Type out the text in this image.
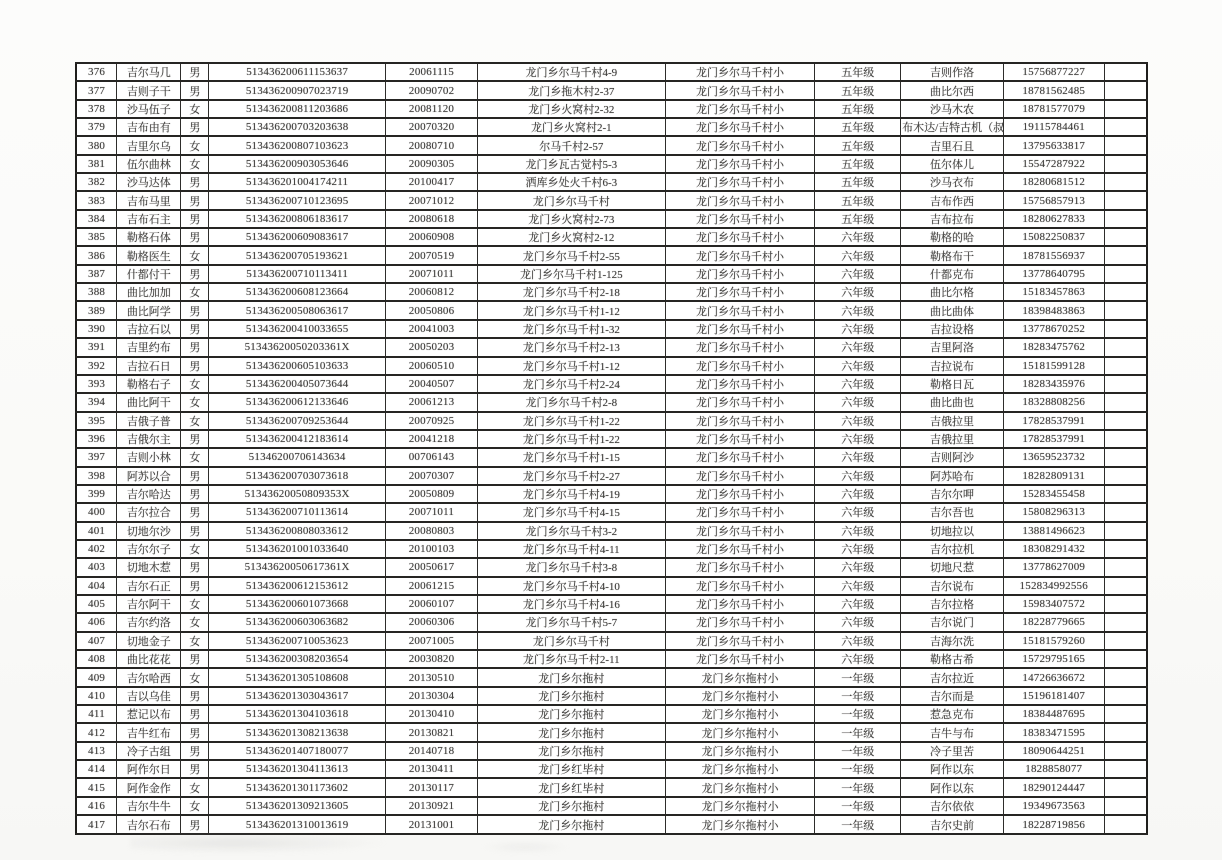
376	吉尔马几	男	513436200611153637	20061115	龙门乡尔马千村4-9	龙门乡尔马千村小	五年级	吉则作洛	15756877227	
377	吉则子干	男	513436200907023719	20090702	龙门乡拖木村2-37	龙门乡尔马千村小	五年级	曲比尔西	18781562485	
378	沙马伍子	女	513436200811203686	20081120	龙门乡火窝村2-32	龙门乡尔马千村小	五年级	沙马木农	18781577079	
379	吉布由有	男	513436200703203638	20070320	龙门乡火窝村2-1	龙门乡尔马千村小	五年级	布木达/吉特古机（叔	19115784461	
380	吉里尔乌	女	513436200807103623	20080710	尔马千村2-57	龙门乡尔马千村小	五年级	吉里石且	13795633817	
381	伍尔曲林	女	513436200903053646	20090305	龙门乡瓦古觉村5-3	龙门乡尔马千村小	五年级	伍尔体儿	15547287922	
382	沙马达体	男	513436201004174211	20100417	洒库乡处火千村6-3	龙门乡尔马千村小	五年级	沙马衣布	18280681512	
383	吉布马里	男	513436200710123695	20071012	龙门乡尔马千村	龙门乡尔马千村小	五年级	吉布作西	15756857913	
384	吉布石主	男	513436200806183617	20080618	龙门乡火窝村2-73	龙门乡尔马千村小	五年级	吉布拉布	18280627833	
385	勒格石体	男	513436200609083617	20060908	龙门乡火窝村2-12	龙门乡尔马千村小	六年级	勒格的哈	15082250837	
386	勒格医生	女	513436200705193621	20070519	龙门乡尔马千村2-55	龙门乡尔马千村小	六年级	勒格布干	18781556937	
387	什都付干	男	513436200710113411	20071011	龙门乡尔马千村1-125	龙门乡尔马千村小	六年级	什都克布	13778640795	
388	曲比加加	女	513436200608123664	20060812	龙门乡尔马千村2-18	龙门乡尔马千村小	六年级	曲比尔格	15183457863	
389	曲比阿学	男	513436200508063617	20050806	龙门乡尔马千村1-12	龙门乡尔马千村小	六年级	曲比曲体	18398483863	
390	吉拉石以	男	513436200410033655	20041003	龙门乡尔马千村1-32	龙门乡尔马千村小	六年级	吉拉设格	13778670252	
391	吉里约布	男	51343620050203361X	20050203	龙门乡尔马千村2-13	龙门乡尔马千村小	六年级	吉里阿洛	18283475762	
392	吉拉石日	男	513436200605103633	20060510	龙门乡尔马千村1-12	龙门乡尔马千村小	六年级	吉拉说布	15181599128	
393	勒格右子	女	513436200405073644	20040507	龙门乡尔马千村2-24	龙门乡尔马千村小	六年级	勒格日瓦	18283435976	
394	曲比阿干	女	513436200612133646	20061213	龙门乡尔马千村2-8	龙门乡尔马千村小	六年级	曲比曲也	18328808256	
395	吉俄子普	女	513436200709253644	20070925	龙门乡尔马千村1-22	龙门乡尔马千村小	六年级	吉俄拉里	17828537991	
396	吉俄尔主	男	513436200412183614	20041218	龙门乡尔马千村1-22	龙门乡尔马千村小	六年级	吉俄拉里	17828537991	
397	吉则小林	女	51346200706143634	00706143	龙门乡尔马千村1-15	龙门乡尔马千村小	六年级	吉则阿沙	13659523732	
398	阿苏以合	男	513436200703073618	20070307	龙门乡尔马千村2-27	龙门乡尔马千村小	六年级	阿苏哈布	18282809131	
399	吉尔哈达	男	51343620050809353X	20050809	龙门乡尔马千村4-19	龙门乡尔马千村小	六年级	吉尔尔呷	15283455458	
400	吉尔拉合	男	513436200710113614	20071011	龙门乡尔马千村4-15	龙门乡尔马千村小	六年级	吉尔吾也	15808296313	
401	切地尔沙	男	513436200808033612	20080803	龙门乡尔马千村3-2	龙门乡尔马千村小	六年级	切地拉以	13881496623	
402	吉尔尔子	女	513436201001033640	20100103	龙门乡尔马千村4-11	龙门乡尔马千村小	六年级	吉尔拉机	18308291432	
403	切地木惹	男	51343620050617361X	20050617	龙门乡尔马千村3-8	龙门乡尔马千村小	六年级	切地尺惹	13778627009	
404	吉尔石正	男	513436200612153612	20061215	龙门乡尔马千村4-10	龙门乡尔马千村小	六年级	吉尔说布	152834992556	
405	吉尔阿干	女	513436200601073668	20060107	龙门乡尔马千村4-16	龙门乡尔马千村小	六年级	吉尔拉格	15983407572	
406	吉尔约洛	女	513436200603063682	20060306	龙门乡尔马千村5-7	龙门乡尔马千村小	六年级	吉尔说门	18228779665	
407	切地金子	女	513436200710053623	20071005	龙门乡尔马千村	龙门乡尔马千村小	六年级	吉海尔洗	15181579260	
408	曲比花花	男	513436200308203654	20030820	龙门乡尔马千村2-11	龙门乡尔马千村小	六年级	勒格古希	15729795165	
409	吉尔哈西	女	513436201305108608	20130510	龙门乡尔拖村	龙门乡尔拖村小	一年级	吉尔拉近	14726636672	
410	吉以乌佳	男	513436201303043617	20130304	龙门乡尔拖村	龙门乡尔拖村小	一年级	吉尔而是	15196181407	
411	惹记以布	男	513436201304103618	20130410	龙门乡尔拖村	龙门乡尔拖村小	一年级	惹急克布	18384487695	
412	吉牛红布	男	513436201308213638	20130821	龙门乡尔拖村	龙门乡尔拖村小	一年级	吉牛与布	18383471595	
413	冷子古组	男	513436201407180077	20140718	龙门乡尔拖村	龙门乡尔拖村小	一年级	冷子里苦	18090644251	
414	阿作尔日	男	513436201304113613	20130411	龙门乡红毕村	龙门乡尔拖村小	一年级	阿作以东	1828858077	
415	阿作金作	女	513436201301173602	20130117	龙门乡红毕村	龙门乡尔拖村小	一年级	阿作以东	18290124447	
416	吉尔牛牛	女	513436201309213605	20130921	龙门乡尔拖村	龙门乡尔拖村小	一年级	吉尔依依	19349673563	
417	吉尔石布	男	513436201310013619	20131001	龙门乡尔拖村	龙门乡尔拖村小	一年级	吉尔史前	18228719856	
